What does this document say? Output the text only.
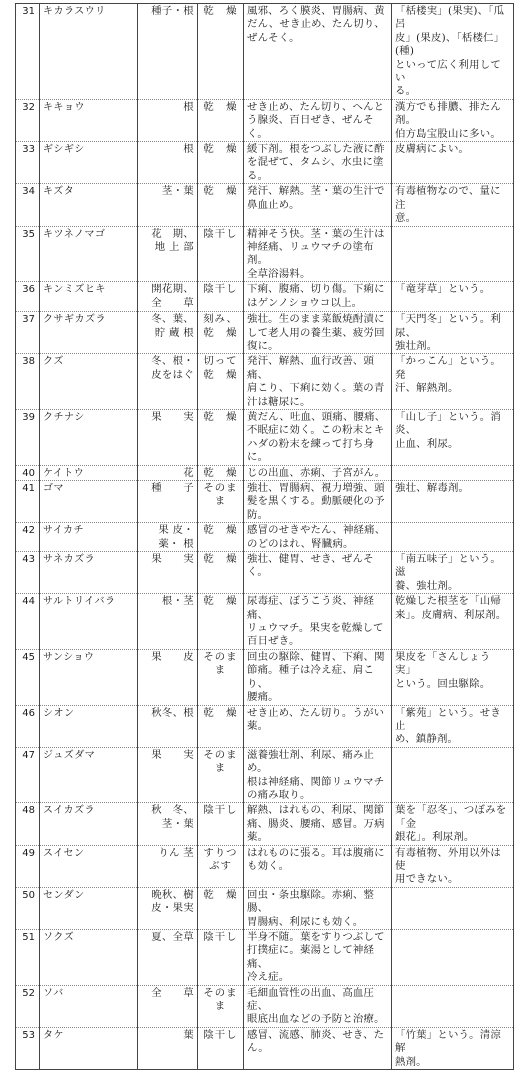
31	キカラスウリ	種子・根	乾　燥	風邪、ろく膜炎、胃腸病、黄
だん、せき止め、たん切り、
ぜんそく。	「栝楼実」(果実)、「瓜呂
皮」(果皮)、「栝楼仁」(種)
といって広く利用してい
る。
32	キキョウ	根	乾　燥	せき止め、たん切り、へんと
う腺炎、百日ぜき、ぜんそく。	漢方でも排膿、排たん剤。
伯方島宝股山に多い。
33	ギシギシ	根	乾　燥	緩下剤。根をつぶした液に酢
を混ぜて、タムシ、水虫に塗
る。	皮膚病によい。
34	キズタ	茎・葉	乾　燥	発汗、解熱。茎・葉の生汁で
鼻血止め。	有毒植物なので、量に注
意。
35	キツネノマゴ	花　期、
地 上 部	陰干し	精神そう快。茎・葉の生汁は
神経痛、リュウマチの塗布剤。
全草浴湯料。	
36	キンミズヒキ	開花期、
全　　草	陰干し	下痢、腹痛、切り傷。下痢に
はゲンノショウコ以上。	「竜芽草」という。
37	クサギカズラ	冬、葉、
貯 蔵 根	刻み、
乾　燥	強壮。生のまま菜飯焼酎漬に
して老人用の養生薬、疲労回
復に。	「天門冬」という。利尿、
強壮剤。
38	クズ	冬、根・
皮をはぐ	切って
乾　燥	発汗、解熱、血行改善、頭痛、
肩こり、下痢に効く。葉の青
汁は糖尿に。	「かっこん」という。発
汗、解熱剤。
39	クチナシ	果　　実	乾　燥	黄だん、吐血、頭痛、腰痛、
不眠症に効く。この粉末とキ
ハダの粉末を練って打ち身
に。	「山し子」という。消炎、
止血、利尿。
40	ケイトウ	花	乾　燥	じの出血、赤痢、子宮がん。	
41	ゴマ	種　　子	そのま
ま	強壮、胃腸病、視力増強、頭
髪を黒くする。動脈硬化の予
防。	強壮、解毒剤。
42	サイカチ	果 皮・
薬・ 根	乾　燥	感冒のせきやたん、神経痛、
のどのはれ、腎臓病。	
43	サネカズラ	果　　実	乾　燥	強壮、健胃、せき、ぜんそく。	「南五味子」という。滋
養、強壮剤。
44	サルトリイバラ	根・茎	乾　燥	尿毒症、ぼうこう炎、神経痛、
リュウマチ。果実を乾燥して
百日ぜき。	乾燥した根茎を「山帰
来」。皮膚病、利尿剤。
45	サンショウ	果　　皮	そのま
ま	回虫の駆除、健胃、下痢、関
節痛。種子は冷え症、肩こり、
腰痛。	果皮を「さんしょう実」
という。回虫駆除。
46	シオン	秋冬、根	乾　燥	せき止め、たん切り。うがい
薬。	「紫苑」という。せき止
め、鎮静剤。
47	ジュズダマ	果　　実	そのま
ま	滋養強壮剤、利尿、痛み止め。
根は神経痛、関節リュウマチ
の痛み取り。	
48	スイカズラ	秋　冬、
茎・葉	陰干し	解熱、はれもの、利尿、関節
痛、腸炎、腰痛、感冒。万病
薬。	葉を「忍冬」、つぼみを「金
銀花」。利尿剤。
49	スイセン	りん 茎	すりつ
ぶす	はれものに張る。耳は腹痛に
も効く。	有毒植物、外用以外は使
用できない。
50	センダン	晩秋、樹
皮・果実	乾　燥	回虫・条虫駆除。赤痢、整腸、
胃腸病、利尿にも効く。	
51	ソクズ	夏、全草	陰干し	半身不随。葉をすりつぶして
打撲症に。薬湯として神経痛、
冷え症。	
52	ソバ	全　　草	そのま
ま	毛細血管性の出血、高血圧症、
眼底出血などの予防と治療。	
53	タケ	葉	陰干し	感冒、流感、肺炎、せき、た
ん。	「竹葉」という。清涼解
熱剤。
